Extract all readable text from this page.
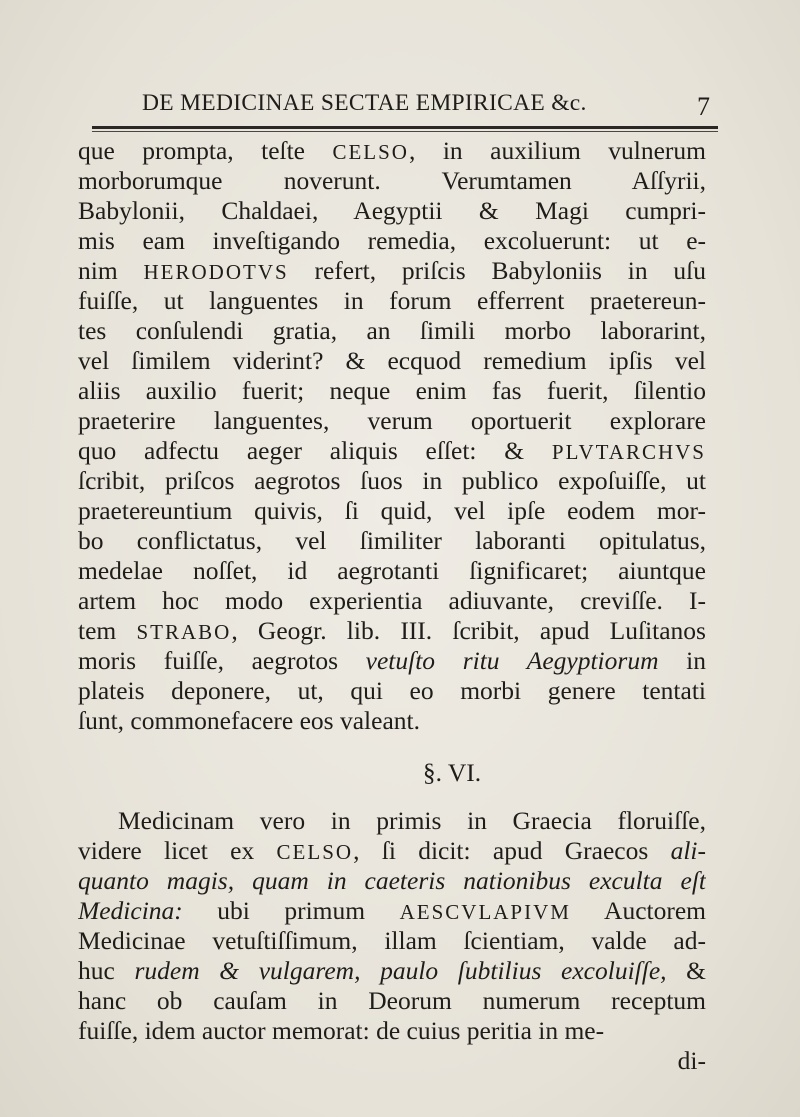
DE MEDICINAE SECTAE EMPIRICAE &c.	7
que prompta, teſte CELSO, in auxilium vulnerum
morborumque noverunt. Verumtamen Aſſyrii,
Babylonii, Chaldaei, Aegyptii & Magi cumpri-
mis eam inveſtigando remedia, excoluerunt: ut e-
nim HERODOTVS refert, priſcis Babyloniis in uſu
fuiſſe, ut languentes in forum efferrent praetereun-
tes conſulendi gratia, an ſimili morbo laborarint,
vel ſimilem viderint? & ecquod remedium ipſis vel
aliis auxilio fuerit; neque enim fas fuerit, ſilentio
praeterire languentes, verum oportuerit explorare
quo adfectu aeger aliquis eſſet: & PLVTARCHVS
ſcribit, priſcos aegrotos ſuos in publico expoſuiſſe, ut
praetereuntium quivis, ſi quid, vel ipſe eodem mor-
bo conflictatus, vel ſimiliter laboranti opitulatus,
medelae noſſet, id aegrotanti ſignificaret; aiuntque
artem hoc modo experientia adiuvante, creviſſe. I-
tem STRABO, Geogr. lib. III. ſcribit, apud Luſitanos
moris fuiſſe, aegrotos vetuſto ritu Aegyptiorum in
plateis deponere, ut, qui eo morbi genere tentati
ſunt, commonefacere eos valeant.
§. VI.
Medicinam vero in primis in Graecia floruiſſe,
videre licet ex CELSO, ſi dicit: apud Graecos ali-
quanto magis, quam in caeteris nationibus exculta eſt
Medicina: ubi primum AESCVLAPIVM Auctorem
Medicinae vetuſtiſſimum, illam ſcientiam, valde ad-
huc rudem & vulgarem, paulo ſubtilius excoluiſſe, &
hanc ob cauſam in Deorum numerum receptum
fuiſſe, idem auctor memorat: de cuius peritia in me-
di-
